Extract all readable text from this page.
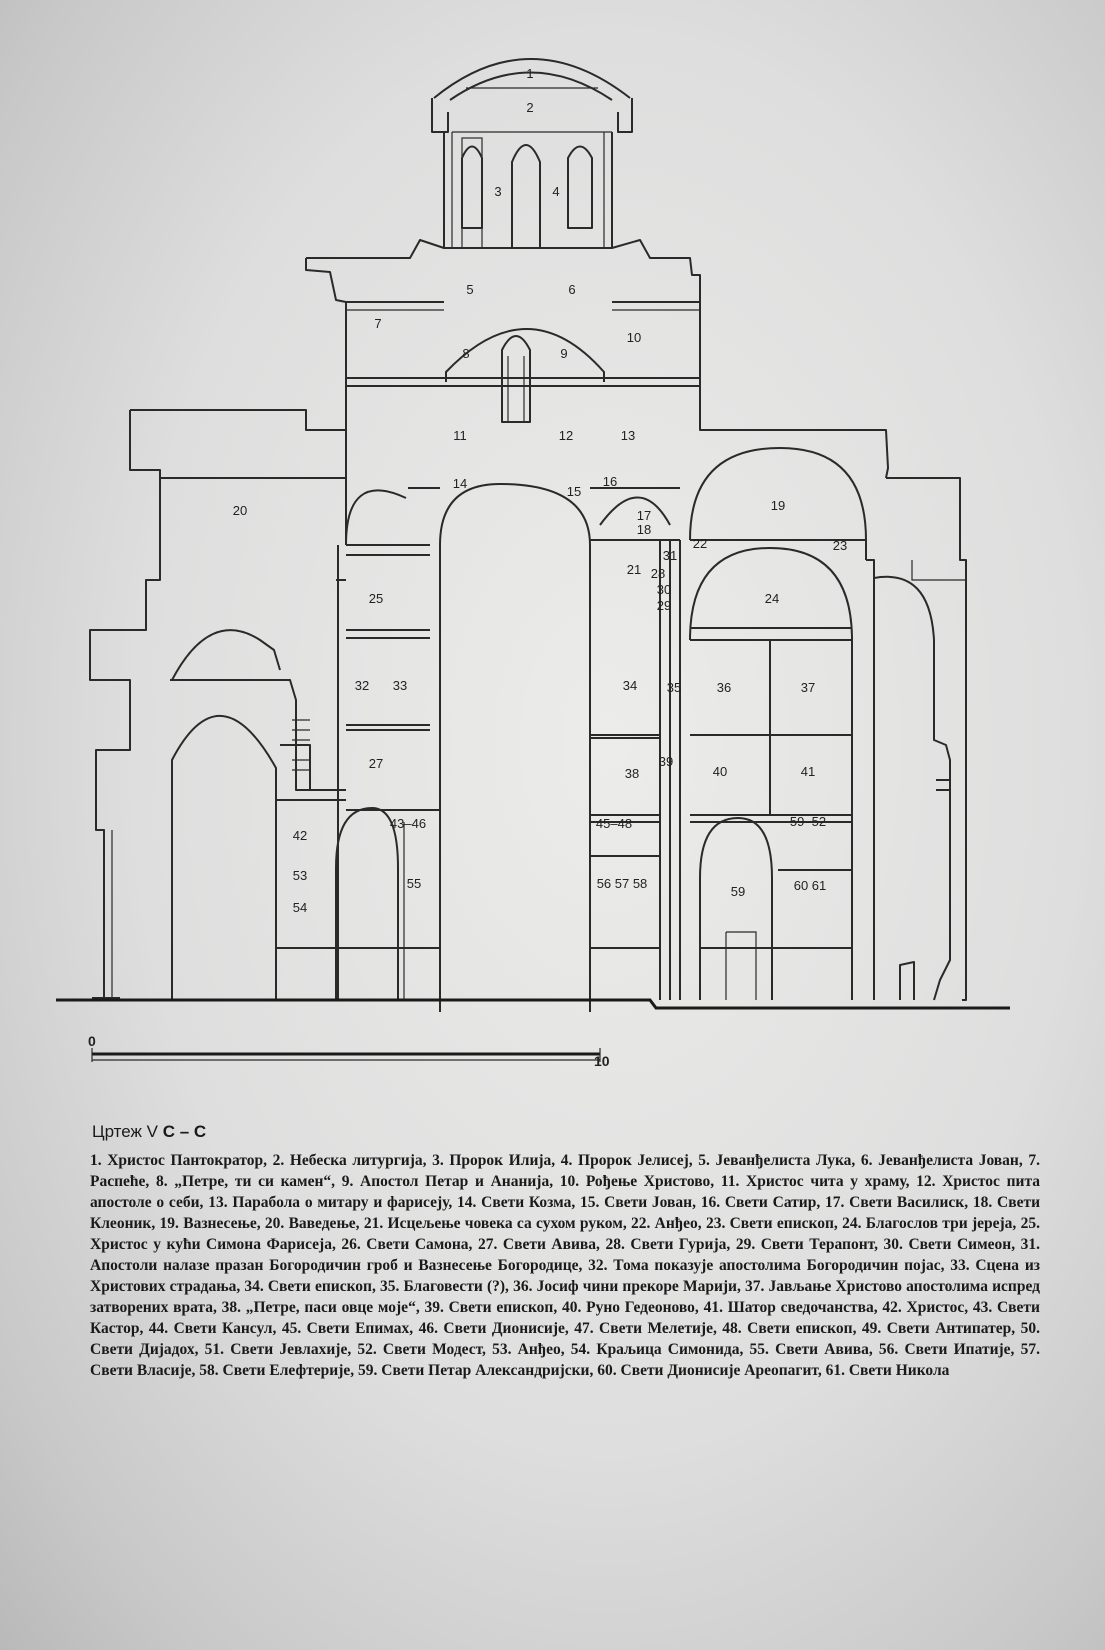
0
10
1
2
3	4
5	6
7
8	9
10
11	12	13
14
15
16
17
18
19
20
21
22	23
24
25
27
28
29
30
31
32 33	34 35	36	37
38
39
40	41
42
43–46	45–48
53
54
55	56 57 58
59
59–52
60 61
Цртеж V С – С

1. Христос Пантократор, 2. Небеска литургија, 3. Пророк Илија, 4. Пророк Јелисеј, 5. Јеванђелиста Лука, 6. Јеванђелиста Јован, 7. Распеће, 8. „Петре, ти си камен“, 9. Апостол Петар и Ананија, 10. Рођење Христово, 11. Христос чита у храму, 12. Христос пита апостоле о себи, 13. Парабола о митару и фарисеју, 14. Свети Козма, 15. Свети Јован, 16. Свети Сатир, 17. Свети Василиск, 18. Свети Клеоник, 19. Вазнесење, 20. Ваведење, 21. Исцељење човека са сухом руком, 22. Анђео, 23. Свети епископ, 24. Благослов три јереја, 25. Христос у кући Симона Фарисеја, 26. Свети Самона, 27. Свети Авива, 28. Свети Гурија, 29. Свети Терапонт, 30. Свети Симеон, 31. Апостоли налазе празан Богородичин гроб и Вазнесење Богородице, 32. Тома показује апостолима Богородичин појас, 33. Сцена из Христових страдања, 34. Свети епископ, 35. Благовести (?), 36. Јосиф чини прекоре Марији, 37. Јављање Христово апостолима испред затворених врата, 38. „Петре, паси овце моје“, 39. Свети епископ, 40. Руно Гедеоново, 41. Шатор сведочанства, 42. Христос, 43. Свети Кастор, 44. Свети Кансул, 45. Свети Епимах, 46. Свети Дионисије, 47. Свети Мелетије, 48. Свети епископ, 49. Свети Антипатер, 50. Свети Дијадох, 51. Свети Јевлахије, 52. Свети Модест, 53. Анђео, 54. Краљица Симонида, 55. Свети Авива, 56. Свети Ипатије, 57. Свети Власије, 58. Свети Елефтерије, 59. Свети Петар Александријски, 60. Свети Дионисије Ареопагит, 61. Свети Никола
